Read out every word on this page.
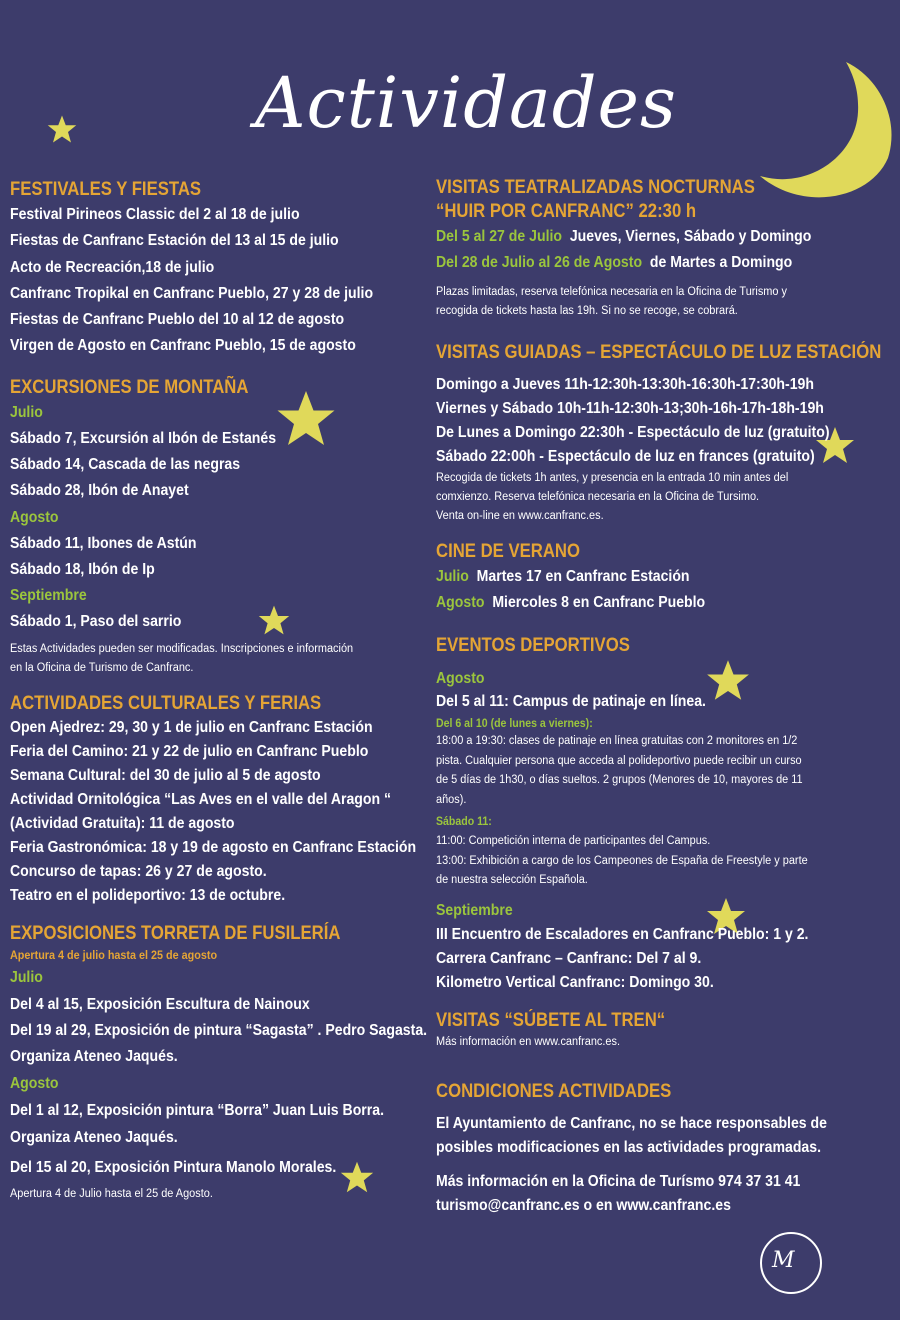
Actividades
FESTIVALES Y FIESTAS
Festival Pirineos Classic del 2 al 18 de julio
Fiestas de Canfranc Estación del 13 al 15 de julio
Acto de Recreación,18 de julio
Canfranc Tropikal en Canfranc Pueblo, 27 y 28 de julio
Fiestas de Canfranc Pueblo del 10 al 12 de agosto
Virgen de Agosto en Canfranc Pueblo, 15 de agosto
EXCURSIONES DE MONTAÑA
Julio
Sábado 7, Excursión al Ibón de Estanés
Sábado 14, Cascada de las negras
Sábado 28, Ibón de Anayet
Agosto
Sábado 11, Ibones de Astún
Sábado 18, Ibón de Ip
Septiembre
Sábado 1, Paso del sarrio
Estas Actividades pueden ser modificadas. Inscripciones e información
en la Oficina de Turismo de Canfranc.
ACTIVIDADES CULTURALES Y FERIAS
Open Ajedrez: 29, 30 y 1 de julio en Canfranc Estación
Feria del Camino: 21 y 22 de julio en Canfranc Pueblo
Semana Cultural: del 30 de julio al 5 de agosto
Actividad Ornitológica “Las Aves en el valle del Aragon “
(Actividad Gratuita): 11 de agosto
Feria Gastronómica: 18 y 19 de agosto en Canfranc Estación
Concurso de tapas: 26 y 27 de agosto.
Teatro en el polideportivo: 13 de octubre.
EXPOSICIONES TORRETA DE FUSILERÍA
Apertura 4 de julio hasta el 25 de agosto
Julio
Del 4 al 15, Exposición Escultura de Nainoux
Del 19 al 29, Exposición de pintura “Sagasta” . Pedro Sagasta.
Organiza Ateneo Jaqués.
Agosto
Del 1 al 12, Exposición pintura “Borra” Juan Luis Borra.
Organiza Ateneo Jaqués.
Del 15 al 20, Exposición Pintura Manolo Morales.
Apertura 4 de Julio hasta el 25 de Agosto.
VISITAS TEATRALIZADAS NOCTURNAS
“HUIR POR CANFRANC” 22:30 h
Del 5 al 27 de Julio Jueves, Viernes, Sábado y Domingo
Del 28 de Julio al 26 de Agosto de Martes a Domingo
Plazas limitadas, reserva telefónica necesaria en la Oficina de Turismo y
recogida de tickets hasta las 19h. Si no se recoge, se cobrará.
VISITAS GUIADAS – ESPECTÁCULO DE LUZ ESTACIÓN
Domingo a Jueves 11h-12:30h-13:30h-16:30h-17:30h-19h
Viernes y Sábado 10h-11h-12:30h-13;30h-16h-17h-18h-19h
De Lunes a Domingo 22:30h - Espectáculo de luz (gratuito)
Sábado 22:00h - Espectáculo de luz en frances (gratuito)
Recogida de tickets 1h antes, y presencia en la entrada 10 min antes del
comxienzo. Reserva telefónica necesaria en la Oficina de Tursimo.
Venta on-line en www.canfranc.es.
CINE DE VERANO
Julio Martes 17 en Canfranc Estación
Agosto Miercoles 8 en Canfranc Pueblo
EVENTOS DEPORTIVOS
Agosto
Del 5 al 11: Campus de patinaje en línea.
Del 6 al 10 (de lunes a viernes):
18:00 a 19:30: clases de patinaje en línea gratuitas con 2 monitores en 1/2
pista. Cualquier persona que acceda al polideportivo puede recibir un curso
de 5 días de 1h30, o días sueltos. 2 grupos (Menores de 10, mayores de 11
años).
Sábado 11:
11:00: Competición interna de participantes del Campus.
13:00: Exhibición a cargo de los Campeones de España de Freestyle y parte
de nuestra selección Española.
Septiembre
III Encuentro de Escaladores en Canfranc Pueblo: 1 y 2.
Carrera Canfranc – Canfranc: Del 7 al 9.
Kilometro Vertical Canfranc: Domingo 30.
VISITAS “SÚBETE AL TREN“
Más información en www.canfranc.es.
CONDICIONES ACTIVIDADES
El Ayuntamiento de Canfranc, no se hace responsables de
posibles modificaciones en las actividades programadas.
Más información en la Oficina de Turísmo 974 37 31 41
turismo@canfranc.es o en www.canfranc.es
M
